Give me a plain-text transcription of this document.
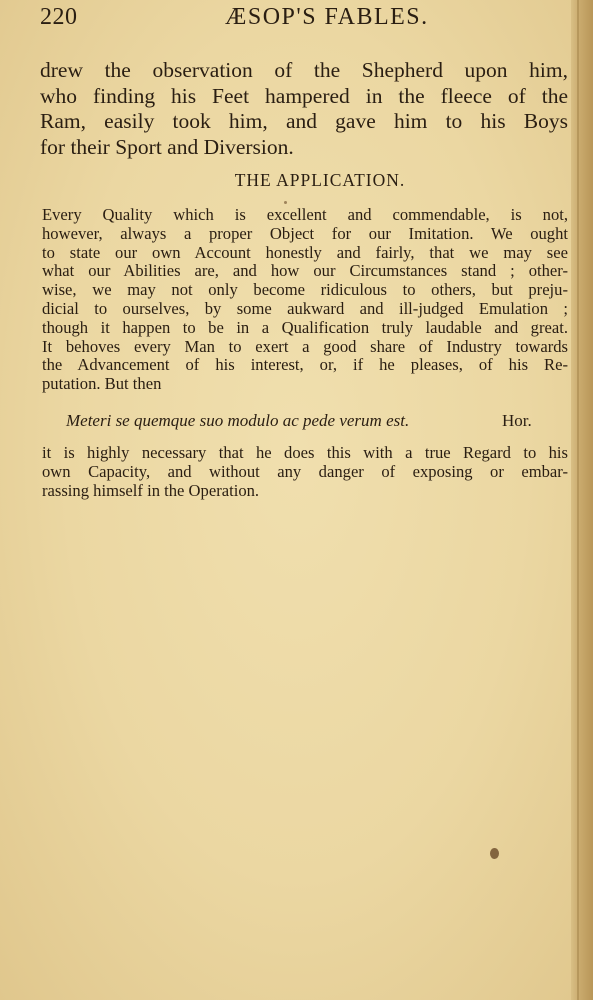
220	ÆSOP'S FABLES.
drew the observation of the Shepherd upon him,
who finding his Feet hampered in the fleece of the
Ram, easily took him, and gave him to his Boys
for their Sport and Diversion.
THE APPLICATION.
Every Quality which is excellent and commendable, is not,
however, always a proper Object for our Imitation. We ought
to state our own Account honestly and fairly, that we may see
what our Abilities are, and how our Circumstances stand ; other-
wise, we may not only become ridiculous to others, but preju-
dicial to ourselves, by some aukward and ill-judged Emulation ;
though it happen to be in a Qualification truly laudable and great.
It behoves every Man to exert a good share of Industry towards
the Advancement of his interest, or, if he pleases, of his Re-
putation. But then
Meteri se quemque suo modulo ac pede verum est.	Hor.
it is highly necessary that he does this with a true Regard to his
own Capacity, and without any danger of exposing or embar-
rassing himself in the Operation.
